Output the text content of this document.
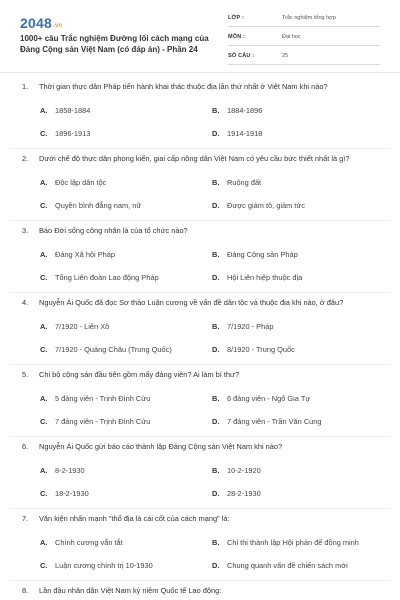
2048.vn
1000+ câu Trắc nghiệm Đường lối cách mạng của Đảng Cộng sản Việt Nam (có đáp án) - Phần 24
LỚP :	Trắc nghiệm tổng hợp
MÔN :	Đại học
SỐ CÂU :	25
1. Thời gian thực dân Pháp tiến hành khai thác thuộc địa lần thứ nhất ở Việt Nam khi nào?
A. 1858-1884	B. 1884-1896
C. 1896-1913	D. 1914-1918
2. Dưới chế độ thực dân phong kiến, giai cấp nông dân Việt Nam có yêu cầu bức thiết nhất là gì?
A. Độc lập dân tộc	B. Ruộng đất
C. Quyền bình đẳng nam, nữ	D. Được giảm tô, giảm tức
3. Báo Đời sống công nhân là của tổ chức nào?
A. Đảng Xã hội Pháp	B. Đảng Cộng sản Pháp
C. Tổng Liên đoàn Lao động Pháp	D. Hội Liên hiệp thuộc địa
4. Nguyễn Ái Quốc đã đọc Sơ thảo Luận cương về vấn đề dân tộc và thuộc địa khi nào, ở đâu?
A. 7/1920 - Liên Xô	B. 7/1920 - Pháp
C. 7/1920 - Quảng Châu (Trung Quốc)	D. 8/1920 - Trung Quốc
5. Chi bộ cộng sản đầu tiên gồm mấy đảng viên? Ai làm bí thư?
A. 5 đảng viên - Trịnh Đình Cửu	B. 6 đảng viên - Ngô Gia Tự
C. 7 đảng viên - Trịnh Đình Cửu	D. 7 đảng viên - Trần Văn Cung
6. Nguyễn Ái Quốc gửi báo cáo thành lập Đảng Cộng sản Việt Nam khi nào?
A. 8-2-1930	B. 10-2-1920
C. 18-2-1930	D. 28-2-1930
7. Văn kiện nhấn mạnh "thổ địa là cái cốt của cách mạng" là:
A. Chính cương vắn tắt	B. Chỉ thị thành lập Hội phản đế đồng minh
C. Luận cương chính trị 10-1930	D. Chung quanh vấn đề chiến sách mới
8. Lần đầu nhân dân Việt Nam kỷ niệm Quốc tế Lao động:
